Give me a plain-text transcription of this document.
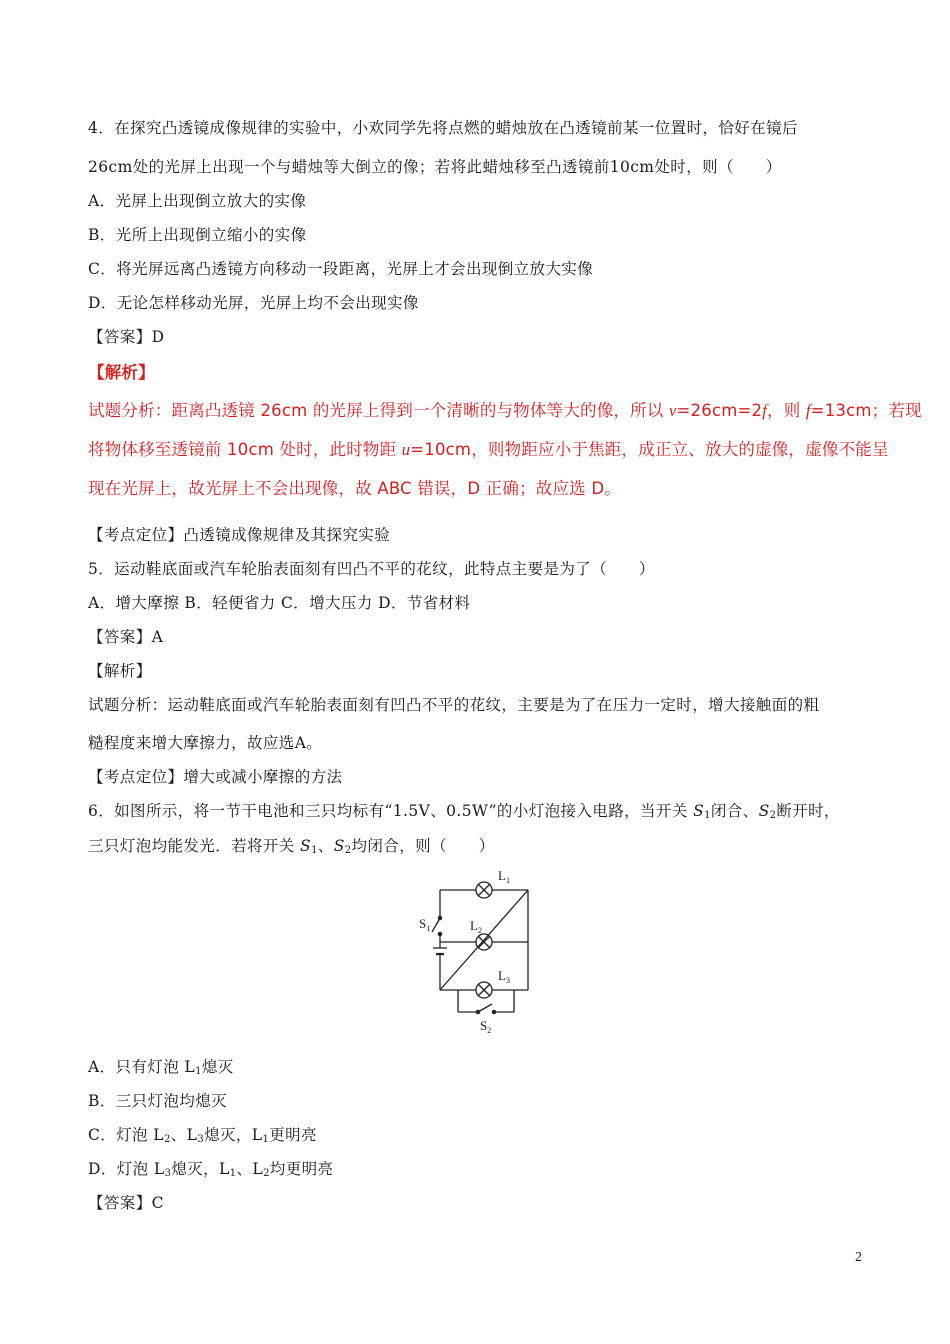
4．在探究凸透镜成像规律的实验中，小欢同学先将点燃的蜡烛放在凸透镜前某一位置时，恰好在镜后
26cm处的光屏上出现一个与蜡烛等大倒立的像；若将此蜡烛移至凸透镜前10cm处时，则（　　）
A．光屏上出现倒立放大的实像
B．光所上出现倒立缩小的实像
C．将光屏远离凸透镜方向移动一段距离，光屏上才会出现倒立放大实像
D．无论怎样移动光屏，光屏上均不会出现实像
【答案】D
【解析】
试题分析：距离凸透镜 26cm 的光屏上得到一个清晰的与物体等大的像，所以 v=26cm=2f，则 f=13cm；若现
将物体移至透镜前 10cm 处时，此时物距 u=10cm，则物距应小于焦距，成正立、放大的虚像，虚像不能呈
现在光屏上，故光屏上不会出现像，故 ABC 错误，D 正确；故应选 D。
【考点定位】凸透镜成像规律及其探究实验
5．运动鞋底面或汽车轮胎表面刻有凹凸不平的花纹，此特点主要是为了（　　）
A．增大摩擦 B．轻便省力 C．增大压力 D．节省材料
【答案】A
【解析】
试题分析：运动鞋底面或汽车轮胎表面刻有凹凸不平的花纹，主要是为了在压力一定时，增大接触面的粗
糙程度来增大摩擦力，故应选A。
【考点定位】增大或减小摩擦的方法
6．如图所示，将一节干电池和三只均标有“1.5V、0.5W”的小灯泡接入电路，当开关 $S_1$闭合、$S_2$断开时，
三只灯泡均能发光．若将开关 $S_1$、$S_2$均闭合，则（　　）
$L_1$
$L_2$
$L_3$
$S_1$
$S_2$
A．只有灯泡 $L_1$熄灭
B．三只灯泡均熄灭
C．灯泡 $L_2$、$L_3$熄灭，$L_1$更明亮
D．灯泡 $L_3$熄灭，$L_1$、$L_2$均更明亮
【答案】C
2
